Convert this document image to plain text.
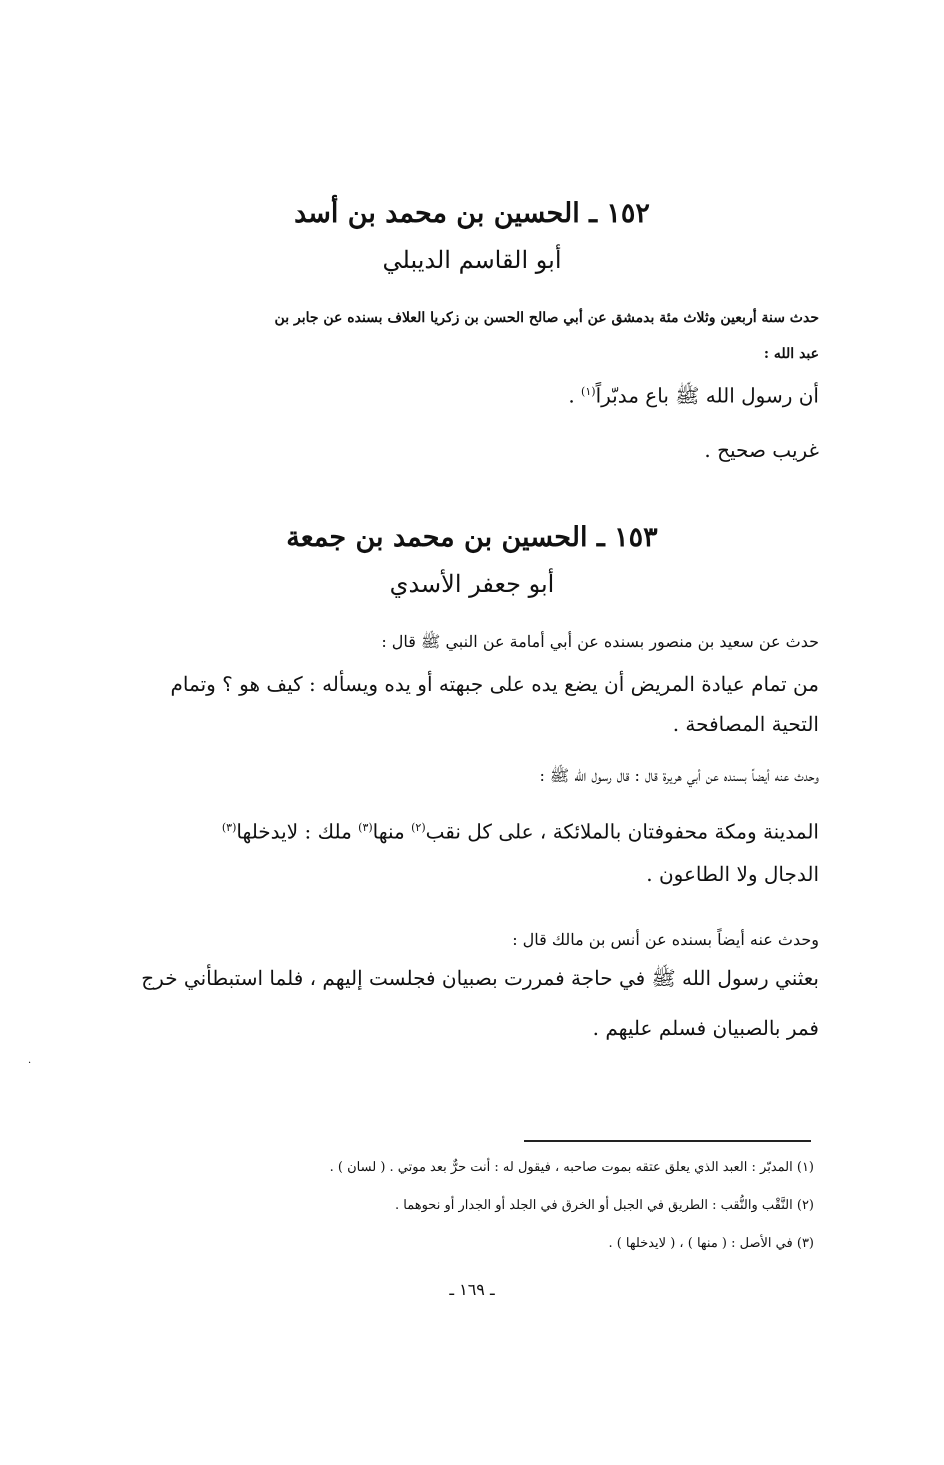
١٥٢ ـ الحسين بن محمد بن أسد
أبو القاسم الديبلي
حدث سنة أربعين وثلاث مئة بدمشق عن أبي صالح الحسن بن زكريا العلاف بسنده عن جابر بن
عبد الله :
أن رسول الله ﷺ باع مدبّراً$^{(١)}$ .
غريب صحيح .
١٥٣ ـ الحسين بن محمد بن جمعة
أبو جعفر الأسدي
حدث عن سعيد بن منصور بسنده عن أبي أمامة عن النبي ﷺ قال :
من تمام عيادة المريض أن يضع يده على جبهته أو يده ويسأله : كيف هو ؟ وتمام
التحية المصافحة .
وحدث عنه أيضاً بسنده عن أبي هريرة قال : قال رسول الله ﷺ :
المدينة ومكة محفوفتان بالملائكة ، على كل نقب$^{(٢)}$ منها$^{(٣)}$ ملك : لايدخلها$^{(٣)}$
الدجال ولا الطاعون .
وحدث عنه أيضاً بسنده عن أنس بن مالك قال :
بعثني رسول الله ﷺ في حاجة فمررت بصبيان فجلست إليهم ، فلما استبطأني خرج
فمر بالصبيان فسلم عليهم .
·
(١) المدبّر : العبد الذي يعلق عتقه بموت صاحبه ، فيقول له : أنت حرٌّ بعد موتي . ( لسان ) .
(٢) النَّقْب والنُّقب : الطريق في الجبل أو الخرق في الجلد أو الجدار أو نحوهما .
(٣) في الأصل : ( منها ) ، ( لايدخلها ) .
ـ ١٦٩ ـ
